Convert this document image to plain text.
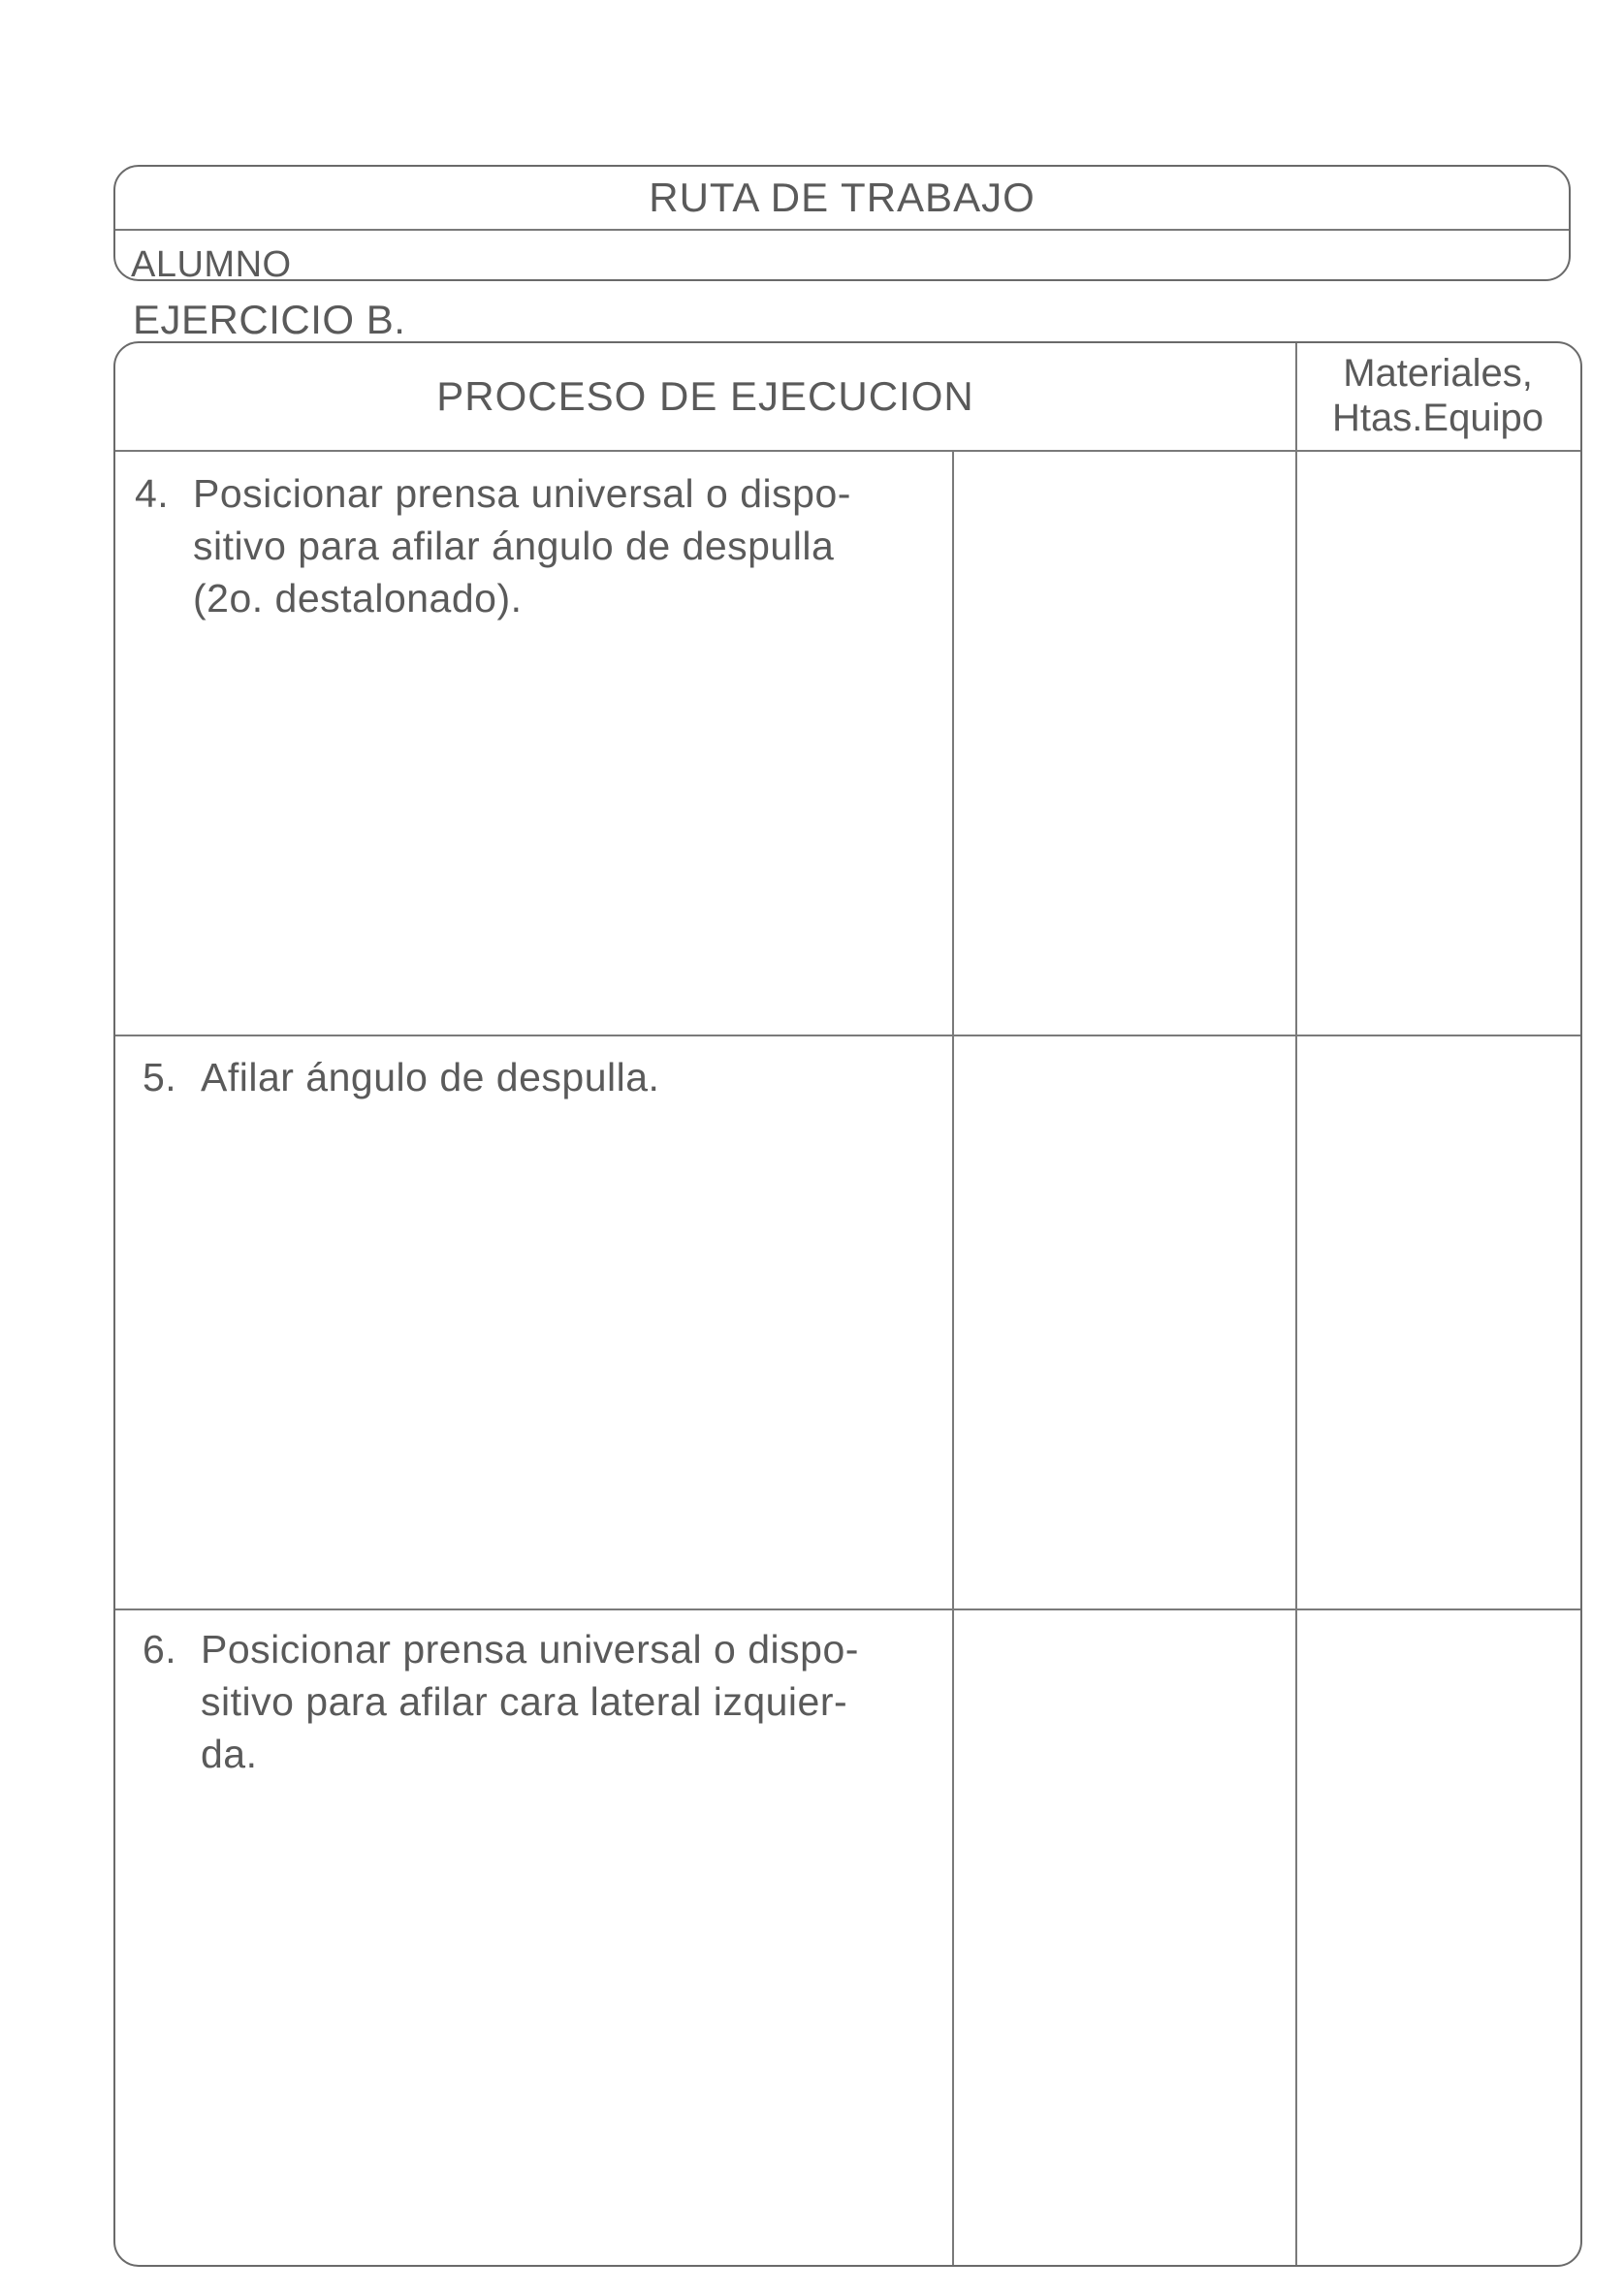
RUTA DE TRABAJO
ALUMNO
EJERCICIO B.
PROCESO DE EJECUCION	Materiales,
Htas.Equipo
4. Posicionar prensa universal o dispo-
sitivo para afilar ángulo de despulla
(2o. destalonado).
5. Afilar ángulo de despulla.
6. Posicionar prensa universal o dispo-
sitivo para afilar cara lateral izquier-
da.
